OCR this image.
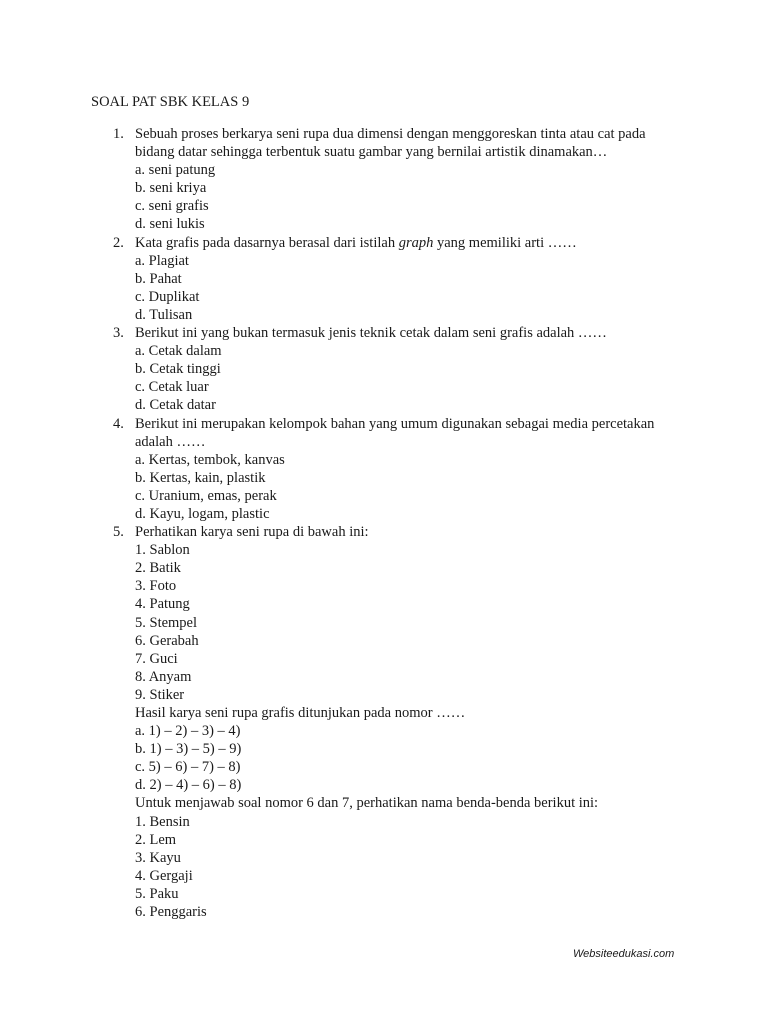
SOAL PAT SBK KELAS 9
1. Sebuah proses berkarya seni rupa dua dimensi dengan menggoreskan tinta atau cat pada bidang datar sehingga terbentuk suatu gambar yang bernilai artistik dinamakan…
a. seni patung
b. seni kriya
c. seni grafis
d. seni lukis
2. Kata grafis pada dasarnya berasal dari istilah graph yang memiliki arti ……
a. Plagiat
b. Pahat
c. Duplikat
d. Tulisan
3. Berikut ini yang bukan termasuk jenis teknik cetak dalam seni grafis adalah ……
a. Cetak dalam
b. Cetak tinggi
c. Cetak luar
d. Cetak datar
4. Berikut ini merupakan kelompok bahan yang umum digunakan sebagai media percetakan adalah ……
a. Kertas, tembok, kanvas
b. Kertas, kain, plastik
c. Uranium, emas, perak
d. Kayu, logam, plastic
5. Perhatikan karya seni rupa di bawah ini:
1. Sablon
2. Batik
3. Foto
4. Patung
5. Stempel
6. Gerabah
7. Guci
8. Anyam
9. Stiker
Hasil karya seni rupa grafis ditunjukan pada nomor ……
a. 1) – 2) – 3) – 4)
b. 1) – 3) – 5) – 9)
c. 5) – 6) – 7) – 8)
d. 2) – 4) – 6) – 8)
Untuk menjawab soal nomor 6 dan 7, perhatikan nama benda-benda berikut ini:
1. Bensin
2. Lem
3. Kayu
4. Gergaji
5. Paku
6. Penggaris
Websiteedukasi.com
